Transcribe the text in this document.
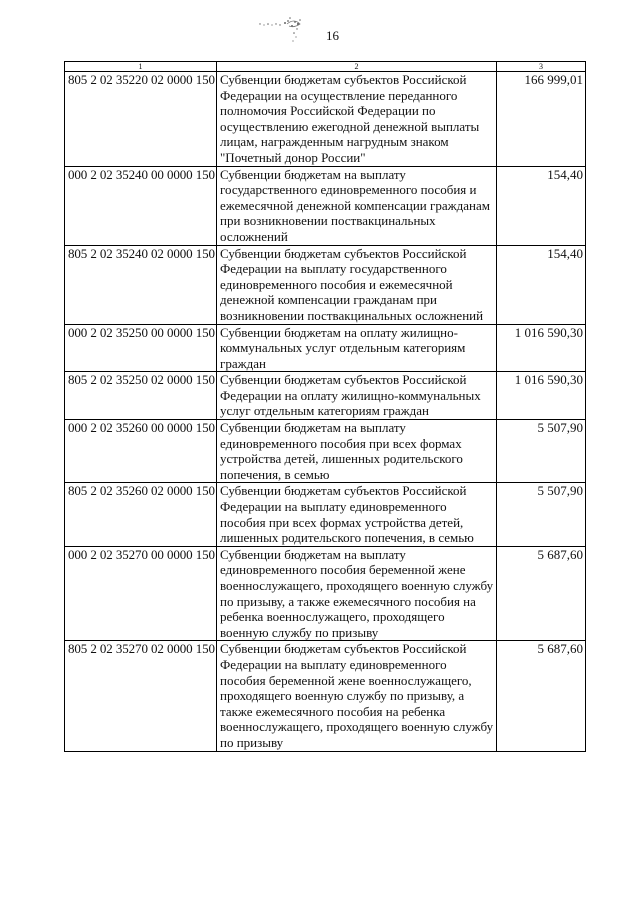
16
1	2	3
805 2 02 35220 02 0000 150	Субвенции бюджетам субъектов Российской Федерации на осуществление переданного полномочия Российской Федерации по осуществлению ежегодной денежной выплаты лицам, награжденным нагрудным знаком "Почетный донор России"	166 999,01
000 2 02 35240 00 0000 150	Субвенции бюджетам на выплату государственного единовременного пособия и ежемесячной денежной компенсации гражданам при возникновении поствакцинальных осложнений	154,40
805 2 02 35240 02 0000 150	Субвенции бюджетам субъектов Российской Федерации на выплату государственного единовременного пособия и ежемесячной денежной компенсации гражданам при возникновении поствакцинальных осложнений	154,40
000 2 02 35250 00 0000 150	Субвенции бюджетам на оплату жилищно-коммунальных услуг отдельным категориям граждан	1 016 590,30
805 2 02 35250 02 0000 150	Субвенции бюджетам субъектов Российской Федерации на оплату жилищно-коммунальных услуг отдельным категориям граждан	1 016 590,30
000 2 02 35260 00 0000 150	Субвенции бюджетам на выплату единовременного пособия при всех формах устройства детей, лишенных родительского попечения, в семью	5 507,90
805 2 02 35260 02 0000 150	Субвенции бюджетам субъектов Российской Федерации на выплату единовременного пособия при всех формах устройства детей, лишенных родительского попечения, в семью	5 507,90
000 2 02 35270 00 0000 150	Субвенции бюджетам на выплату единовременного пособия беременной жене военнослужащего, проходящего военную службу по призыву, а также ежемесячного пособия на ребенка военнослужащего, проходящего военную службу по призыву	5 687,60
805 2 02 35270 02 0000 150	Субвенции бюджетам субъектов Российской Федерации на выплату единовременного пособия беременной жене военнослужащего, проходящего военную службу по призыву, а также ежемесячного пособия на ребенка военнослужащего, проходящего военную службу по призыву	5 687,60
